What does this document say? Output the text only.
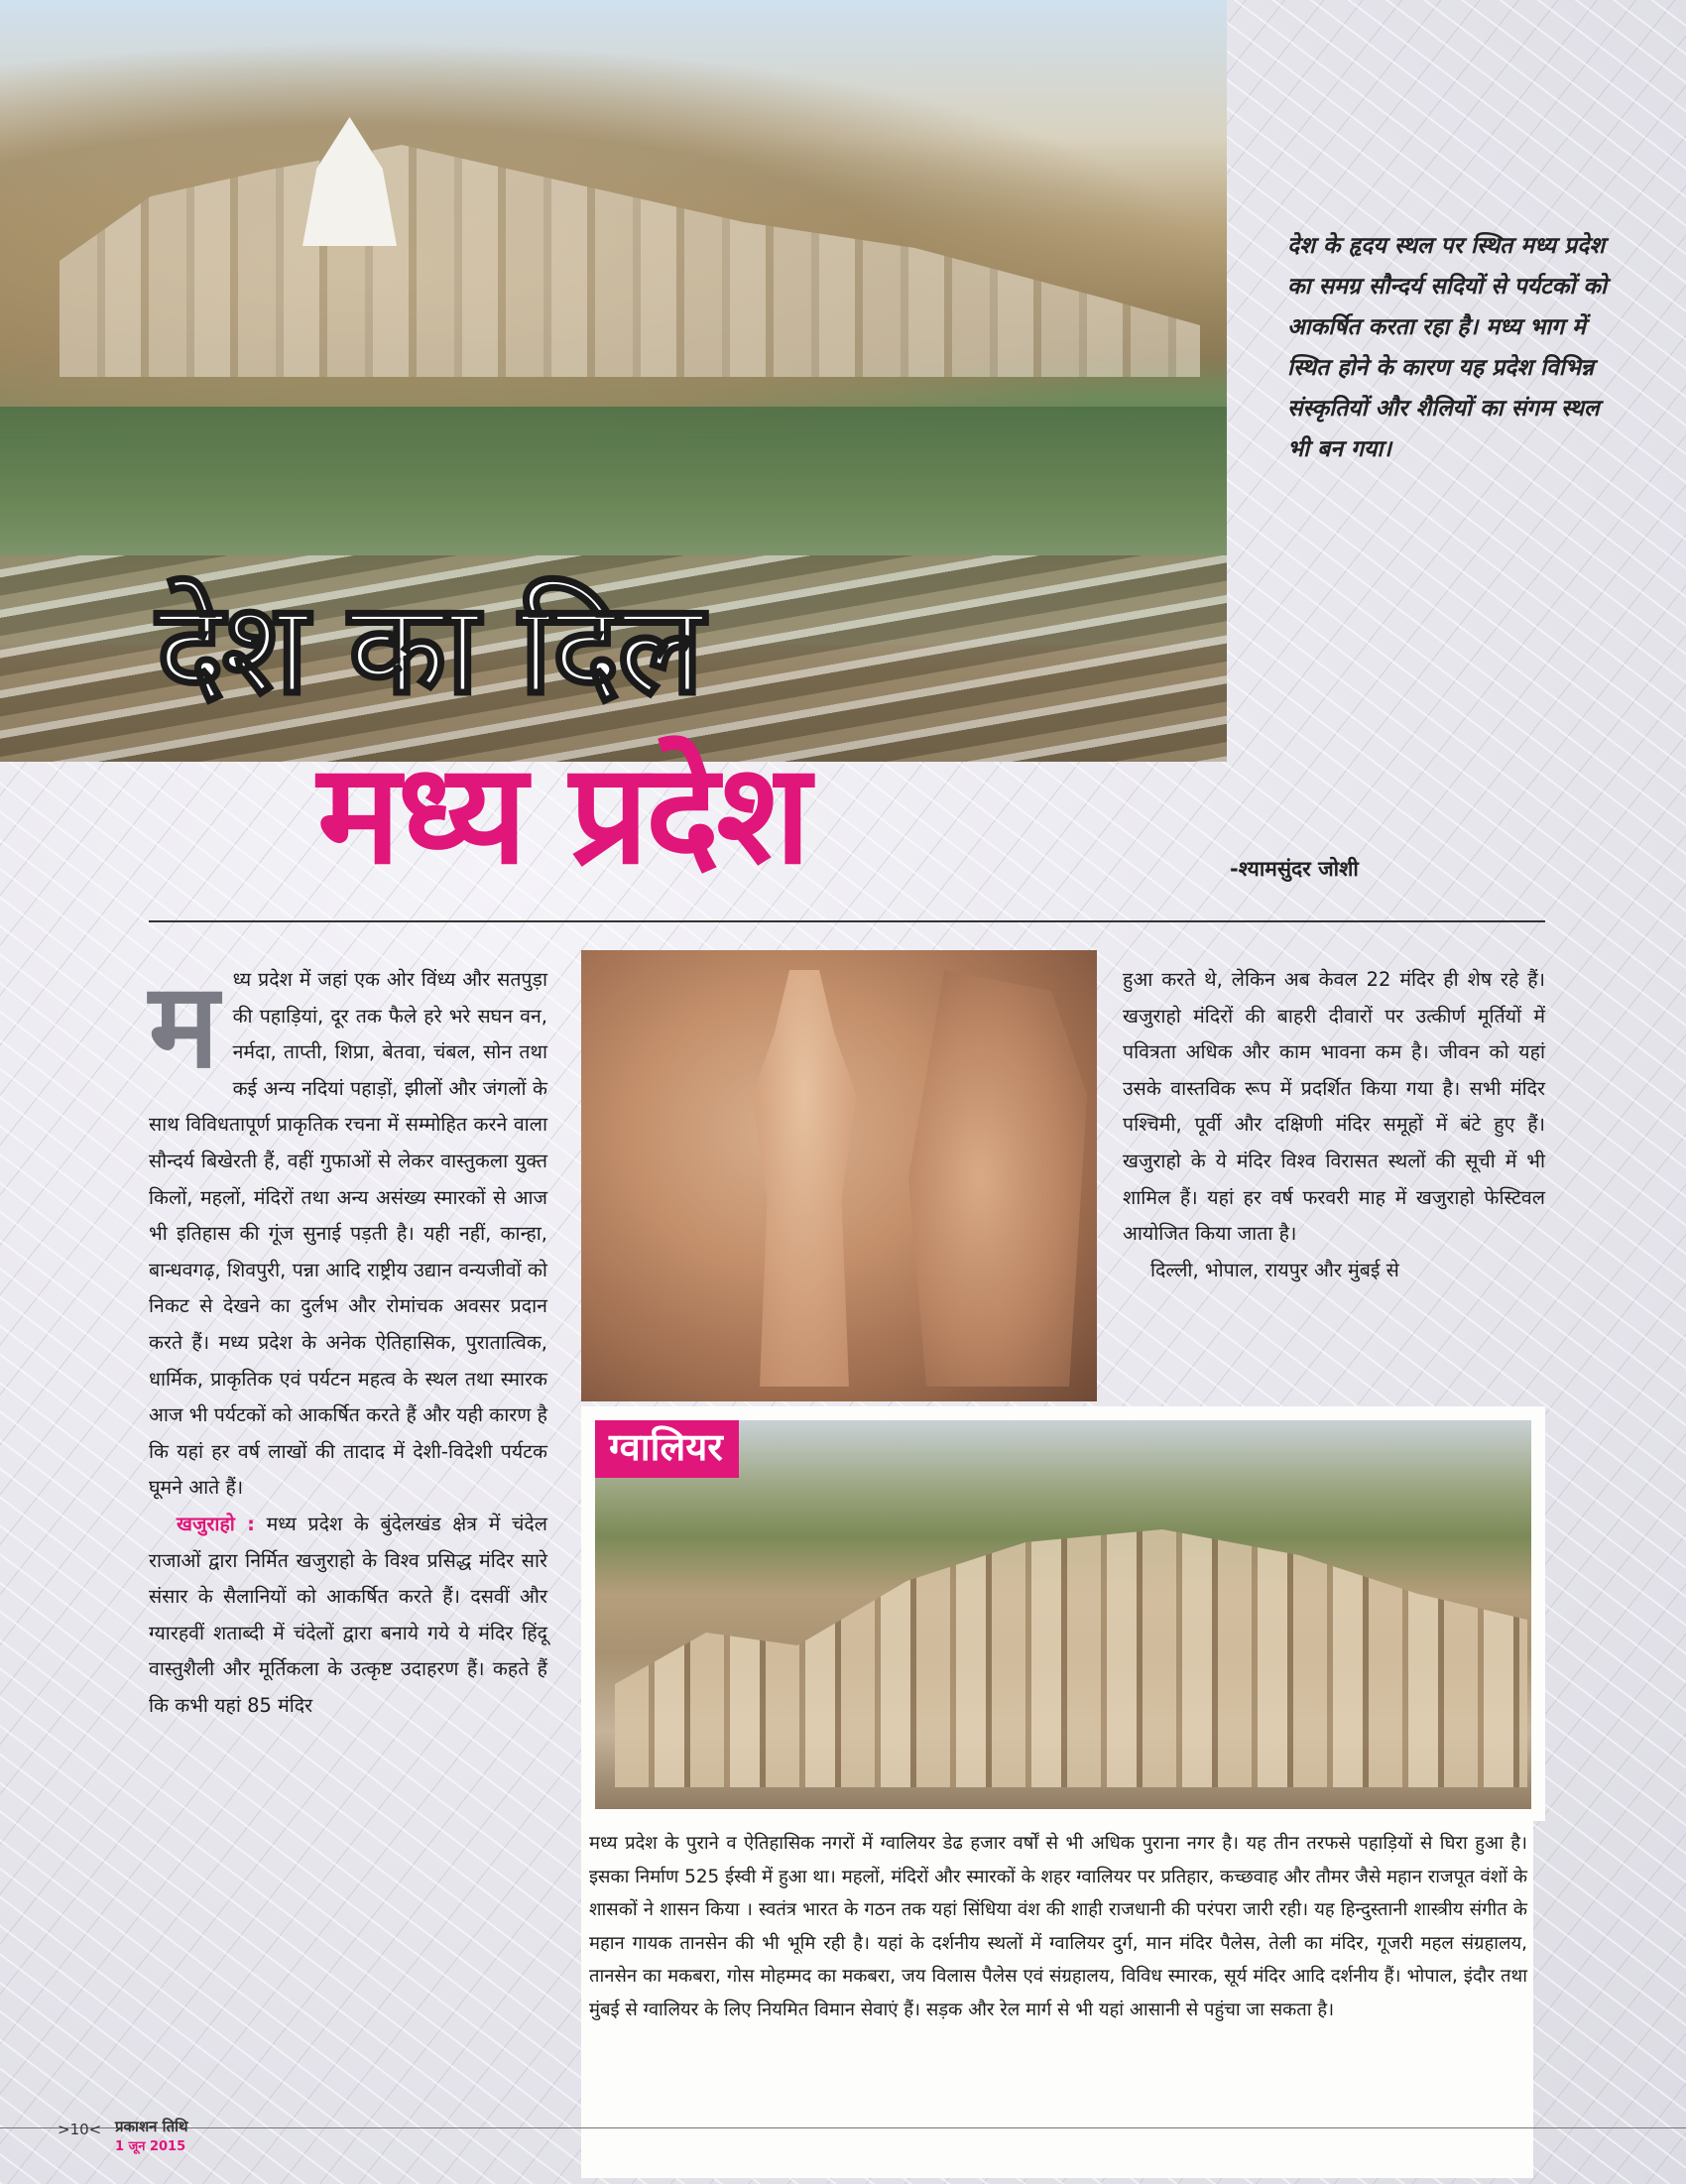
देश के हृदय स्थल पर स्थित मध्य प्रदेश का समग्र सौन्दर्य सदियों से पर्यटकों को आकर्षित करता रहा है। मध्य भाग में स्थित होने के कारण यह प्रदेश विभिन्न संस्कृतियों और शैलियों का संगम स्थल भी बन गया।

देश का दिल
मध्य प्रदेश	-श्यामसुंदर जोशी
म ध्य प्रदेश में जहां एक ओर विंध्य और सतपुड़ा की पहाड़ियां, दूर तक फैले हरे भरे सघन वन, नर्मदा, ताप्ती, शिप्रा, बेतवा, चंबल, सोन तथा कई अन्य नदियां पहाड़ों, झीलों और जंगलों के साथ विविधतापूर्ण प्राकृतिक रचना में सम्मोहित करने वाला सौन्दर्य बिखेरती हैं, वहीं गुफाओं से लेकर वास्तुकला युक्त किलों, महलों, मंदिरों तथा अन्य असंख्य स्मारकों से आज भी इतिहास की गूंज सुनाई पड़ती है। यही नहीं, कान्हा, बान्धवगढ़, शिवपुरी, पन्ना आदि राष्ट्रीय उद्यान वन्यजीवों को निकट से देखने का दुर्लभ और रोमांचक अवसर प्रदान करते हैं। मध्य प्रदेश के अनेक ऐतिहासिक, पुरातात्विक, धार्मिक, प्राकृतिक एवं पर्यटन महत्व के स्थल तथा स्मारक आज भी पर्यटकों को आकर्षित करते हैं और यही कारण है कि यहां हर वर्ष लाखों की तादाद में देशी-विदेशी पर्यटक घूमने आते हैं।

खजुराहो : मध्य प्रदेश के बुंदेलखंड क्षेत्र में चंदेल राजाओं द्वारा निर्मित खजुराहो के विश्व प्रसिद्ध मंदिर सारे संसार के सैलानियों को आकर्षित करते हैं। दसवीं और ग्यारहवीं शताब्दी में चंदेलों द्वारा बनाये गये ये मंदिर हिंदू वास्तुशैली और मूर्तिकला के उत्कृष्ट उदाहरण हैं। कहते हैं कि कभी यहां 85 मंदिर

हुआ करते थे, लेकिन अब केवल 22 मंदिर ही शेष रहे हैं। खजुराहो मंदिरों की बाहरी दीवारों पर उत्कीर्ण मूर्तियों में पवित्रता अधिक और काम भावना कम है। जीवन को यहां उसके वास्तविक रूप में प्रदर्शित किया गया है। सभी मंदिर पश्चिमी, पूर्वी और दक्षिणी मंदिर समूहों में बंटे हुए हैं। खजुराहो के ये मंदिर विश्व विरासत स्थलों की सूची में भी शामिल हैं। यहां हर वर्ष फरवरी माह में खजुराहो फेस्टिवल आयोजित किया जाता है।

दिल्ली, भोपाल, रायपुर और मुंबई से

ग्वालियर

मध्य प्रदेश के पुराने व ऐतिहासिक नगरों में ग्वालियर डेढ हजार वर्षों से भी अधिक पुराना नगर है। यह तीन तरफसे पहाड़ियों से घिरा हुआ है। इसका निर्माण 525 ईस्वी में हुआ था। महलों, मंदिरों और स्मारकों के शहर ग्वालियर पर प्रतिहार, कच्छवाह और तौमर जैसे महान राजपूत वंशों के शासकों ने शासन किया । स्वतंत्र भारत के गठन तक यहां सिंधिया वंश की शाही राजधानी की परंपरा जारी रही। यह हिन्दुस्तानी शास्त्रीय संगीत के महान गायक तानसेन की भी भूमि रही है। यहां के दर्शनीय स्थलों में ग्वालियर दुर्ग, मान मंदिर पैलेस, तेली का मंदिर, गूजरी महल संग्रहालय, तानसेन का मकबरा, गोस मोहम्मद का मकबरा, जय विलास पैलेस एवं संग्रहालय, विविध स्मारक, सूर्य मंदिर आदि दर्शनीय हैं। भोपाल, इंदौर तथा मुंबई से ग्वालियर के लिए नियमित विमान सेवाएं हैं। सड़क और रेल मार्ग से भी यहां आसानी से पहुंचा जा सकता है।

>10< प्रकाशन तिथि
1 जून 2015
